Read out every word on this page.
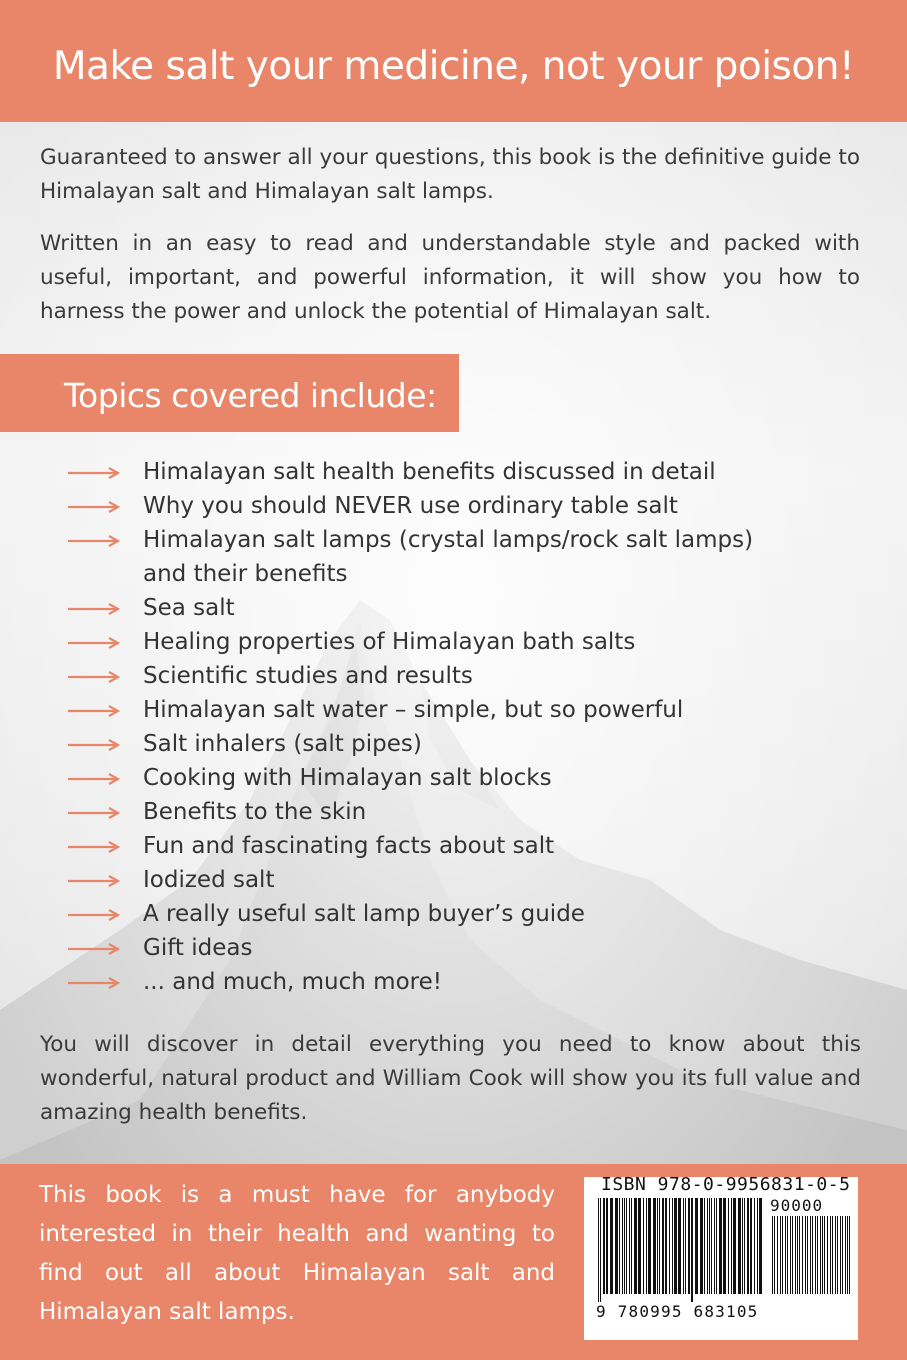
Make salt your medicine, not your poison!

Guaranteed to answer all your questions, this book is the definitive guide to Himalayan salt and Himalayan salt lamps.

Written in an easy to read and understandable style and packed with useful, important, and powerful information, it will show you how to harness the power and unlock the potential of Himalayan salt.

Topics covered include:
Himalayan salt health benefits discussed in detail
Why you should NEVER use ordinary table salt
Himalayan salt lamps (crystal lamps/rock salt lamps)
and their benefits
Sea salt
Healing properties of Himalayan bath salts
Scientific studies and results
Himalayan salt water – simple, but so powerful
Salt inhalers (salt pipes)
Cooking with Himalayan salt blocks
Benefits to the skin
Fun and fascinating facts about salt
Iodized salt
A really useful salt lamp buyer’s guide
Gift ideas
... and much, much more!

You will discover in detail everything you need to know about this wonderful, natural product and William Cook will show you its full value and amazing health benefits.

This book is a must have for anybody interested in their health and wanting to find out all about Himalayan salt and Himalayan salt lamps.

ISBN 978-0-9956831-0-5
90000
9 780995 683105
